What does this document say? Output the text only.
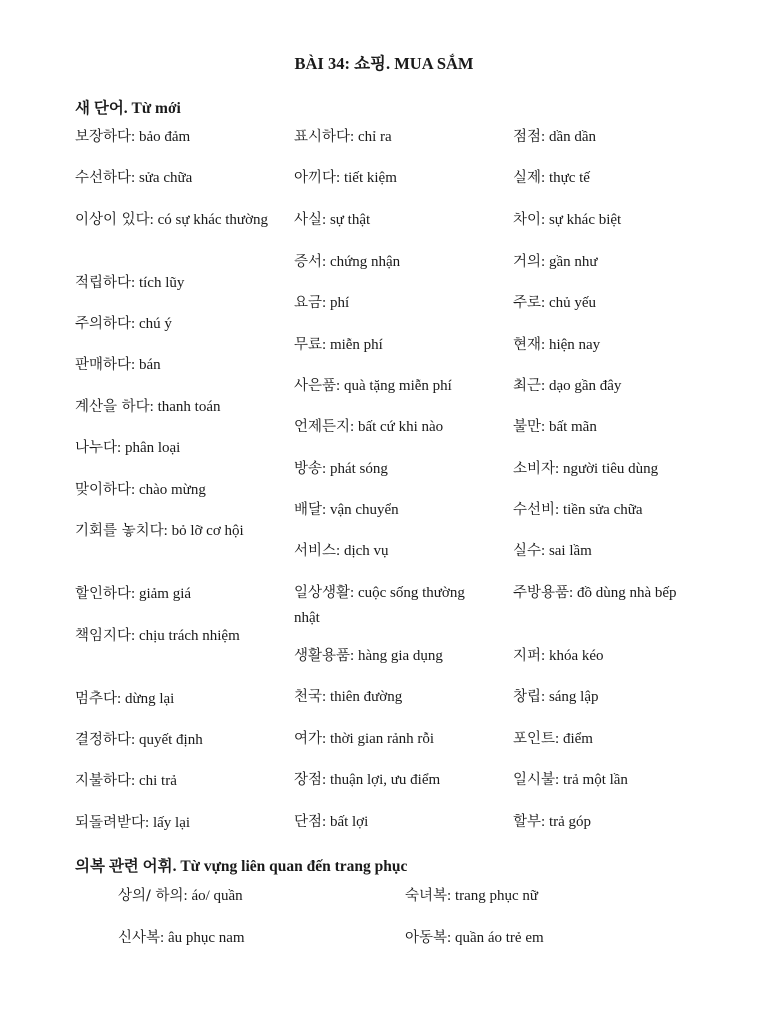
BÀI 34: 쇼핑. MUA SẮM
새 단어. Từ mới
보장하다: bảo đảm
수선하다: sửa chữa
이상이 있다: có sự khác thường
적립하다: tích lũy
주의하다: chú ý
판매하다: bán
계산을 하다: thanh toán
나누다: phân loại
맞이하다: chào mừng
기회를 놓치다: bỏ lỡ cơ hội
할인하다: giảm giá
책임지다: chịu trách nhiệm
멈추다: dừng lại
결정하다: quyết định
지불하다: chi trả
되돌려받다: lấy lại
표시하다: chỉ ra
아끼다: tiết kiệm
사실: sự thật
증서: chứng nhận
요금: phí
무료: miễn phí
사은품: quà tặng miễn phí
언제든지: bất cứ khi nào
방송: phát sóng
배달: vận chuyển
서비스: dịch vụ
일상생활: cuộc sống thường nhật
생활용품: hàng gia dụng
천국: thiên đường
여가: thời gian rảnh rỗi
장점: thuận lợi, ưu điểm
단점: bất lợi
점점: dần dần
실제: thực tế
차이: sự khác biệt
거의: gần như
주로: chủ yếu
현재: hiện nay
최근: dạo gần đây
불만: bất mãn
소비자: người tiêu dùng
수선비: tiền sửa chữa
실수: sai lầm
주방용품: đồ dùng nhà bếp
지퍼: khóa kéo
창립: sáng lập
포인트: điểm
일시불: trả một lần
할부: trả góp
의복 관련 어휘. Từ vựng liên quan đến trang phục
상의/ 하의: áo/ quần
신사복: âu phục nam
숙녀복: trang phục nữ
아동복: quần áo trẻ em
